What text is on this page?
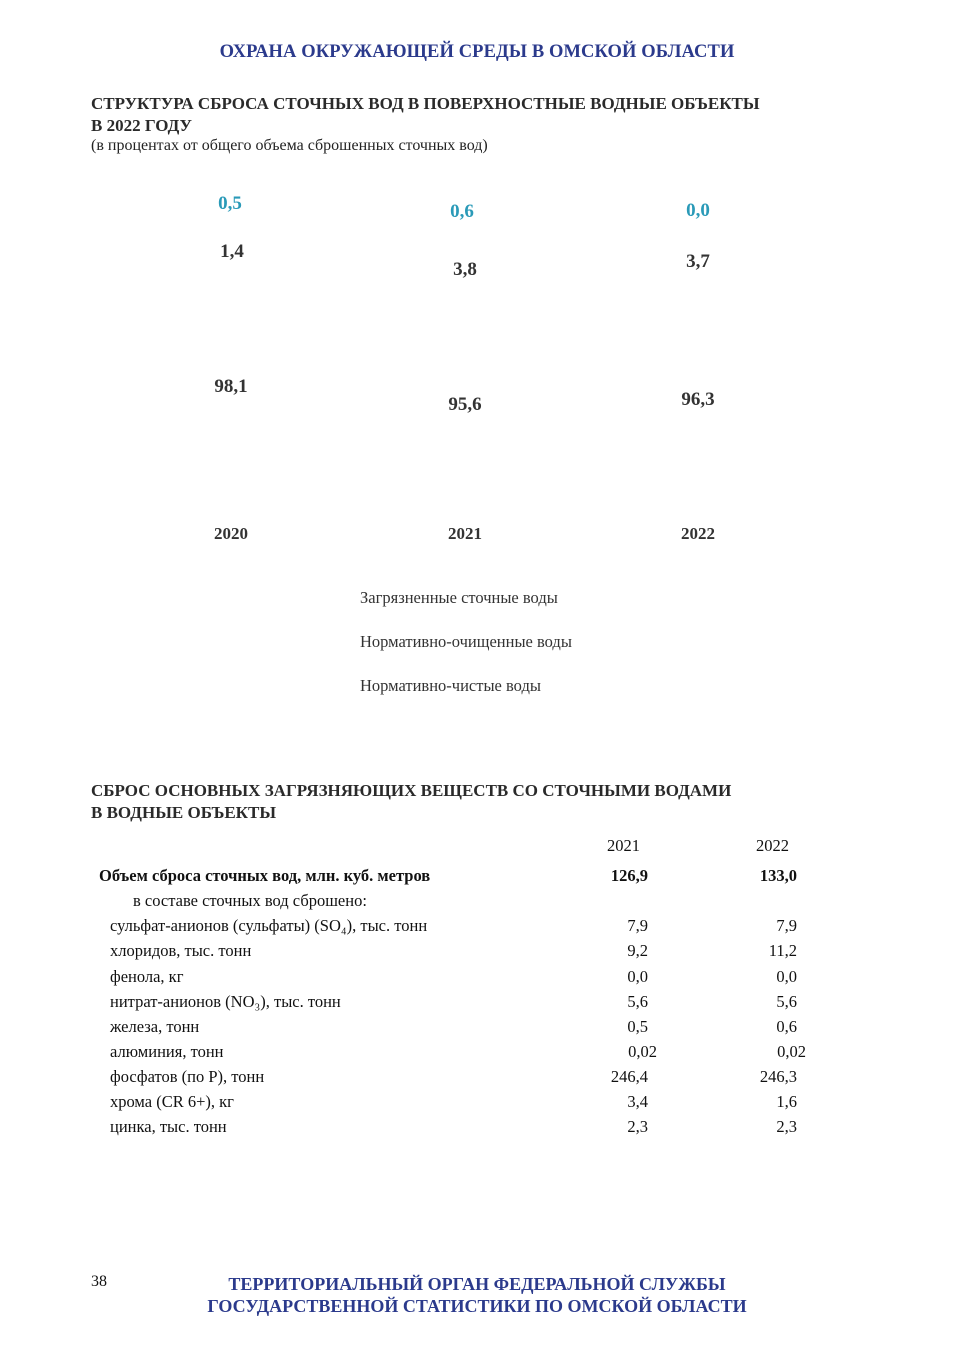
ОХРАНА ОКРУЖАЮЩЕЙ СРЕДЫ В ОМСКОЙ ОБЛАСТИ
СТРУКТУРА СБРОСА СТОЧНЫХ ВОД В ПОВЕРХНОСТНЫЕ ВОДНЫЕ ОБЪЕКТЫ
В 2022 ГОДУ
(в процентах от общего объема сброшенных сточных вод)
0,5	0,6	0,0
1,4
3,8	3,7
98,1
95,6	96,3
2020	2021	2022
Загрязненные сточные воды
Нормативно-очищенные воды
Нормативно-чистые воды
СБРОС ОСНОВНЫХ ЗАГРЯЗНЯЮЩИХ ВЕЩЕСТВ СО СТОЧНЫМИ ВОДАМИ
В ВОДНЫЕ ОБЪЕКТЫ
2021	2022
Объем сброса сточных вод, млн. куб. метров	126,9	133,0
в составе сточных вод сброшено:
сульфат-анионов (сульфаты) (SO₄), тыс. тонн	7,9	7,9
хлоридов, тыс. тонн	9,2	11,2
фенола, кг	0,0	0,0
нитрат-анионов (NO₃), тыс. тонн	5,6	5,6
железа, тонн	0,5	0,6
алюминия, тонн	0,02	0,02
фосфатов (по Р), тонн	246,4	246,3
хрома (CR 6+), кг	3,4	1,6
цинка, тыс. тонн	2,3	2,3
38	ТЕРРИТОРИАЛЬНЫЙ ОРГАН ФЕДЕРАЛЬНОЙ СЛУЖБЫ
ГОСУДАРСТВЕННОЙ СТАТИСТИКИ ПО ОМСКОЙ ОБЛАСТИ
